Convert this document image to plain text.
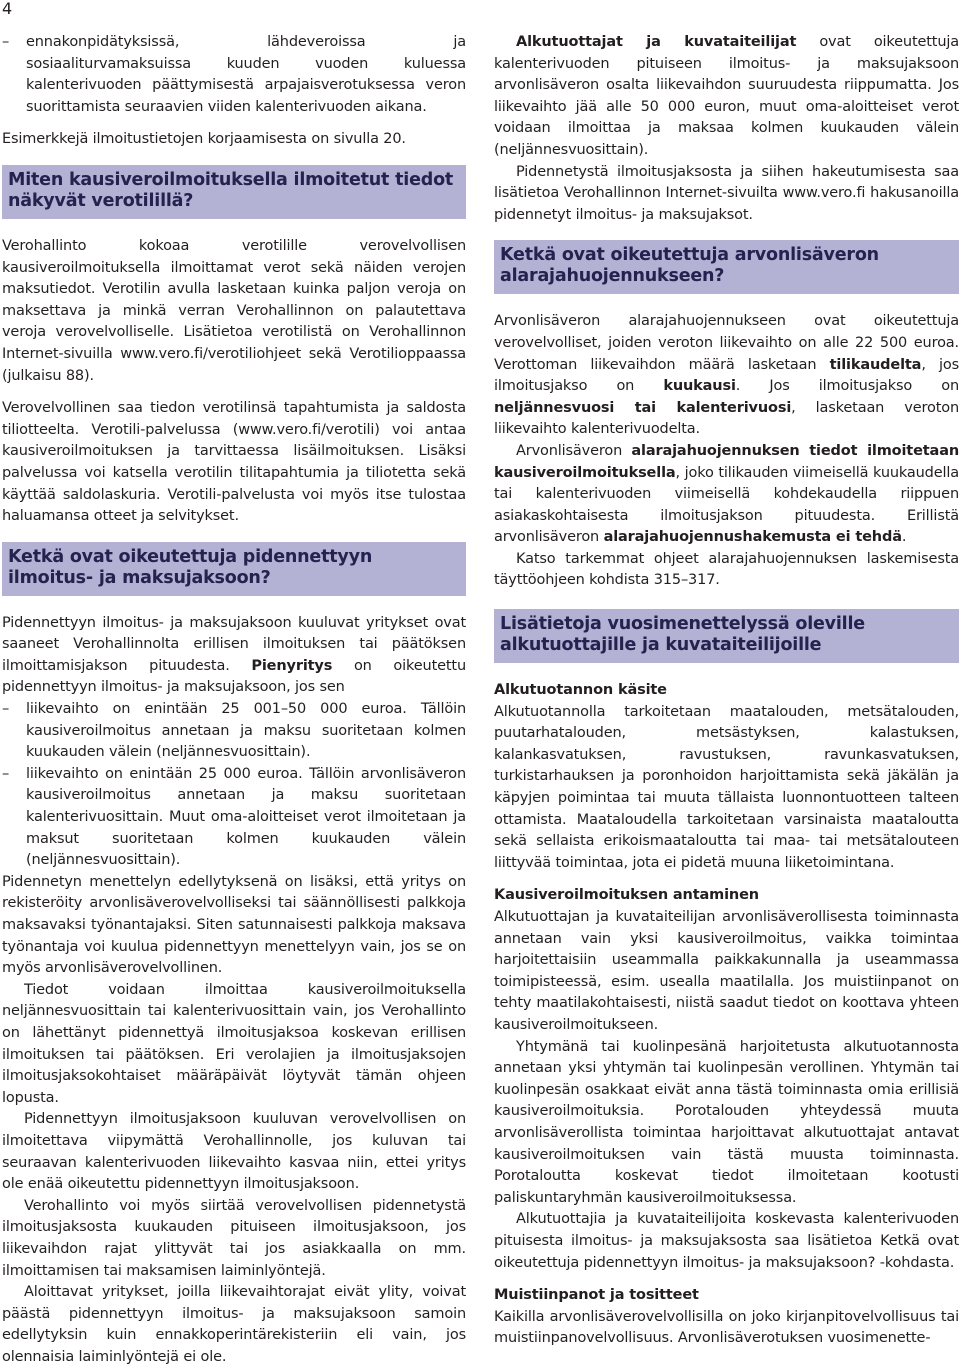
4
– ennakonpidätyksissä, lähdeveroissa ja sosiaaliturvamaksuissa kuuden vuoden kuluessa kalenterivuoden päättymisestä arpajaisverotuksessa veron suorittamista seuraavien viiden kalenterivuoden aikana.

Esimerkkejä ilmoitustietojen korjaamisesta on sivulla 20.

Miten kausiveroilmoituksella ilmoitetut tiedot näkyvät verotilillä?

Verohallinto kokoaa verotilille verovelvollisen kausiveroilmoituksella ilmoittamat verot sekä näiden verojen maksutiedot. Verotilin avulla lasketaan kuinka paljon veroja on maksettava ja minkä verran Verohallinnon on palautettava veroja verovelvolliselle. Lisätietoa verotilistä on Verohallinnon Internet-sivuilla www.vero.fi/verotiliohjeet sekä Verotilioppaassa (julkaisu 88).

Verovelvollinen saa tiedon verotilinsä tapahtumista ja saldosta tiliotteelta. Verotili-palvelussa (www.vero.fi/verotili) voi antaa kausiveroilmoituksen ja tarvittaessa lisäilmoituksen. Lisäksi palvelussa voi katsella verotilin tilitapahtumia ja tiliotetta sekä käyttää saldolaskuria. Verotili-palvelusta voi myös itse tulostaa haluamansa otteet ja selvitykset.

Ketkä ovat oikeutettuja pidennettyyn ilmoitus- ja maksujaksoon?

Pidennettyyn ilmoitus- ja maksujaksoon kuuluvat yritykset ovat saaneet Verohallinnolta erillisen ilmoituksen tai päätöksen ilmoittamisjakson pituudesta. Pienyritys on oikeutettu pidennettyyn ilmoitus- ja maksujaksoon, jos sen

– liikevaihto on enintään 25 001–50 000 euroa. Tällöin kausiveroilmoitus annetaan ja maksu suoritetaan kolmen kuukauden välein (neljännesvuosittain).
– liikevaihto on enintään 25 000 euroa. Tällöin arvonlisäveron kausiveroilmoitus annetaan ja maksu suoritetaan kalenterivuosittain. Muut oma-aloitteiset verot ilmoitetaan ja maksut suoritetaan kolmen kuukauden välein (neljännesvuosittain).

Pidennetyn menettelyn edellytyksenä on lisäksi, että yritys on rekisteröity arvonlisäverovelvolliseksi tai säännöllisesti palkkoja maksavaksi työnantajaksi. Siten satunnaisesti palkkoja maksava työnantaja voi kuulua pidennettyyn menettelyyn vain, jos se on myös arvonlisäverovelvollinen.

Tiedot voidaan ilmoittaa kausiveroilmoituksella neljännesvuosittain tai kalenterivuosittain vain, jos Verohallinto on lähettänyt pidennettyä ilmoitusjaksoa koskevan erillisen ilmoituksen tai päätöksen. Eri verolajien ja ilmoitusjaksojen ilmoitusjaksokohtaiset määräpäivät löytyvät tämän ohjeen lopusta.

Pidennettyyn ilmoitusjaksoon kuuluvan verovelvollisen on ilmoitettava viipymättä Verohallinnolle, jos kuluvan tai seuraavan kalenterivuoden liikevaihto kasvaa niin, ettei yritys ole enää oikeutettu pidennettyyn ilmoitusjaksoon.

Verohallinto voi myös siirtää verovelvollisen pidennetystä ilmoitusjaksosta kuukauden pituiseen ilmoitusjaksoon, jos liikevaihdon rajat ylittyvät tai jos asiakkaalla on mm. ilmoittamisen tai maksamisen laiminlyöntejä.

Aloittavat yritykset, joilla liikevaihtorajat eivät ylity, voivat päästä pidennettyyn ilmoitus- ja maksujaksoon samoin edellytyksin kuin ennakkoperintärekisteriin eli vain, jos olennaisia laiminlyöntejä ei ole.

Alkutuottajat ja kuvataiteilijat ovat oikeutettuja kalenterivuoden pituiseen ilmoitus- ja maksujaksoon arvonlisäveron osalta liikevaihdon suuruudesta riippumatta. Jos liikevaihto jää alle 50 000 euron, muut oma-aloitteiset verot voidaan ilmoittaa ja maksaa kolmen kuukauden välein (neljännesvuosittain).

Pidennetystä ilmoitusjaksosta ja siihen hakeutumisesta saa lisätietoa Verohallinnon Internet-sivuilta www.vero.fi hakusanoilla pidennetyt ilmoitus- ja maksujaksot.

Ketkä ovat oikeutettuja arvonlisäveron alarajahuojennukseen?

Arvonlisäveron alarajahuojennukseen ovat oikeutettuja verovelvolliset, joiden veroton liikevaihto on alle 22 500 euroa. Verottoman liikevaihdon määrä lasketaan tilikaudelta, jos ilmoitusjakso on kuukausi. Jos ilmoitusjakso on neljännesvuosi tai kalenterivuosi, lasketaan veroton liikevaihto kalenterivuodelta.

Arvonlisäveron alarajahuojennuksen tiedot ilmoitetaan kausiveroilmoituksella, joko tilikauden viimeisellä kuukaudella tai kalenterivuoden viimeisellä kohdekaudella riippuen asiakaskohtaisesta ilmoitusjakson pituudesta. Erillistä arvonlisäveron alarajahuojennushakemusta ei tehdä.

Katso tarkemmat ohjeet alarajahuojennuksen laskemisesta täyttöohjeen kohdista 315–317.

Lisätietoja vuosimenettelyssä oleville alkutuottajille ja kuvataiteilijoille
Alkutuotannon käsite

Alkutuotannolla tarkoitetaan maatalouden, metsätalouden, puutarhatalouden, metsästyksen, kalastuksen, kalankasvatuksen, ravustuksen, ravunkasvatuksen, turkistarhauksen ja poronhoidon harjoittamista sekä jäkälän ja käpyjen poimintaa tai muuta tällaista luonnontuotteen talteen ottamista. Maataloudella tarkoitetaan varsinaista maataloutta sekä sellaista erikoismaataloutta tai maa- tai metsätalouteen liittyvää toimintaa, jota ei pidetä muuna liiketoimintana.

Kausiveroilmoituksen antaminen

Alkutuottajan ja kuvataiteilijan arvonlisäverollisesta toiminnasta annetaan vain yksi kausiveroilmoitus, vaikka toimintaa harjoitettaisiin useammalla paikkakunnalla ja useammassa toimipisteessä, esim. usealla maatilalla. Jos muistiinpanot on tehty maatilakohtaisesti, niistä saadut tiedot on koottava yhteen kausiveroilmoitukseen.

Yhtymänä tai kuolinpesänä harjoitetusta alkutuotannosta annetaan yksi yhtymän tai kuolinpesän verollinen. Yhtymän tai kuolinpesän osakkaat eivät anna tästä toiminnasta omia erillisiä kausiveroilmoituksia. Porotalouden yhteydessä muuta arvonlisäverollista toimintaa harjoittavat alkutuottajat antavat kausiveroilmoituksen vain tästä muusta toiminnasta. Porotaloutta koskevat tiedot ilmoitetaan kootusti paliskuntaryhmän kausiveroilmoituksessa.

Alkutuottajia ja kuvataiteilijoita koskevasta kalenterivuoden pituisesta ilmoitus- ja maksujaksosta saa lisätietoa Ketkä ovat oikeutettuja pidennettyyn ilmoitus- ja maksujaksoon? -kohdasta.

Muistiinpanot ja tositteet

Kaikilla arvonlisäverovelvollisilla on joko kirjanpitovelvollisuus tai muistiinpanovelvollisuus. Arvonlisäverotuksen vuosimenette-
